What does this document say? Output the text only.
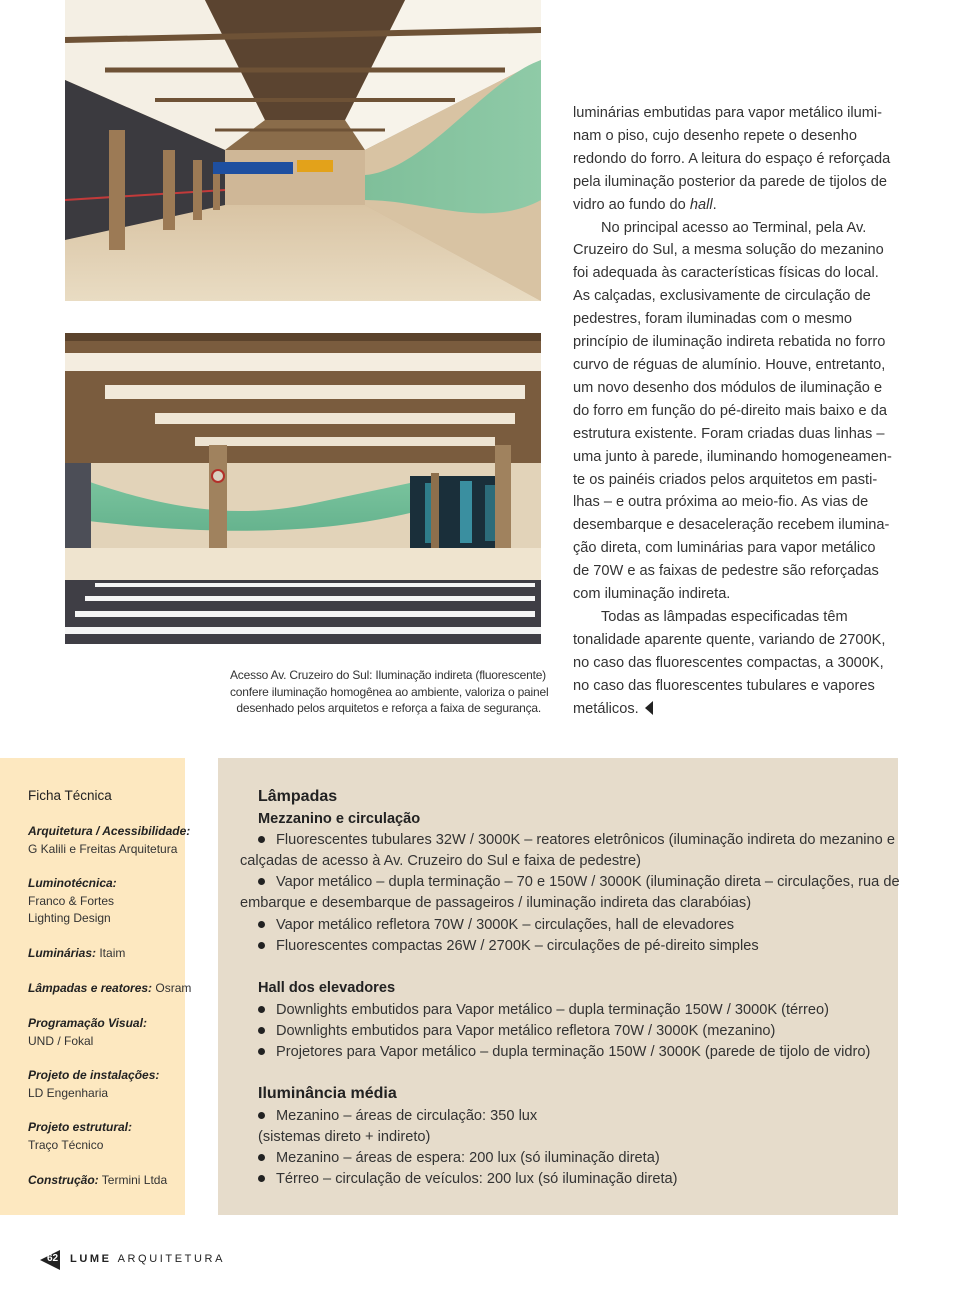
Acesso Av. Cruzeiro do Sul: Iluminação indireta (fluorescente)
confere iluminação homogênea ao ambiente, valoriza o painel
desenhado pelos arquitetos e reforça a faixa de segurança.
luminárias embutidas para vapor metálico ilumi-
nam o piso, cujo desenho repete o desenho
redondo do forro. A leitura do espaço é reforçada
pela iluminação posterior da parede de tijolos de
vidro ao fundo do hall.
No principal acesso ao Terminal, pela Av.
Cruzeiro do Sul, a mesma solução do mezanino
foi adequada às características físicas do local.
As calçadas, exclusivamente de circulação de
pedestres, foram iluminadas com o mesmo
princípio de iluminação indireta rebatida no forro
curvo de réguas de alumínio. Houve, entretanto,
um novo desenho dos módulos de iluminação e
do forro em função do pé-direito mais baixo e da
estrutura existente. Foram criadas duas linhas –
uma junto à parede, iluminando homogeneamen-
te os painéis criados pelos arquitetos em pasti-
lhas – e outra próxima ao meio-fio. As vias de
desembarque e desaceleração recebem ilumina-
ção direta, com luminárias para vapor metálico
de 70W e as faixas de pedestre são reforçadas
com iluminação indireta.
Todas as lâmpadas especificadas têm
tonalidade aparente quente, variando de 2700K,
no caso das fluorescentes compactas, a 3000K,
no caso das fluorescentes tubulares e vapores
metálicos.
Ficha Técnica
Arquitetura / Acessibilidade:
G Kalili e Freitas Arquitetura
Luminotécnica:
Franco & Fortes
Lighting Design
Luminárias: Itaim
Lâmpadas e reatores: Osram
Programação Visual:
UND / Fokal
Projeto de instalações:
LD Engenharia
Projeto estrutural:
Traço Técnico
Construção: Termini Ltda
Lâmpadas
Mezzanino e circulação
Fluorescentes tubulares 32W / 3000K – reatores eletrônicos (iluminação indireta do mezanino e
calçadas de acesso à Av. Cruzeiro do Sul e faixa de pedestre)
Vapor metálico – dupla terminação – 70 e 150W / 3000K (iluminação direta – circulações, rua de
embarque e desembarque de passageiros / iluminação indireta das clarabóias)
Vapor metálico refletora 70W / 3000K – circulações, hall de elevadores
Fluorescentes compactas 26W / 2700K – circulações de pé-direito simples
Hall dos elevadores
Downlights embutidos para Vapor metálico – dupla terminação 150W / 3000K (térreo)
Downlights embutidos para Vapor metálico refletora 70W / 3000K (mezanino)
Projetores para Vapor metálico – dupla terminação 150W / 3000K (parede de tijolo de vidro)
Iluminância média
Mezanino – áreas de circulação: 350 lux
(sistemas direto + indireto)
Mezanino – áreas de espera: 200 lux (só iluminação direta)
Térreo – circulação de veículos: 200 lux (só iluminação direta)
62 LUME ARQUITETURA
